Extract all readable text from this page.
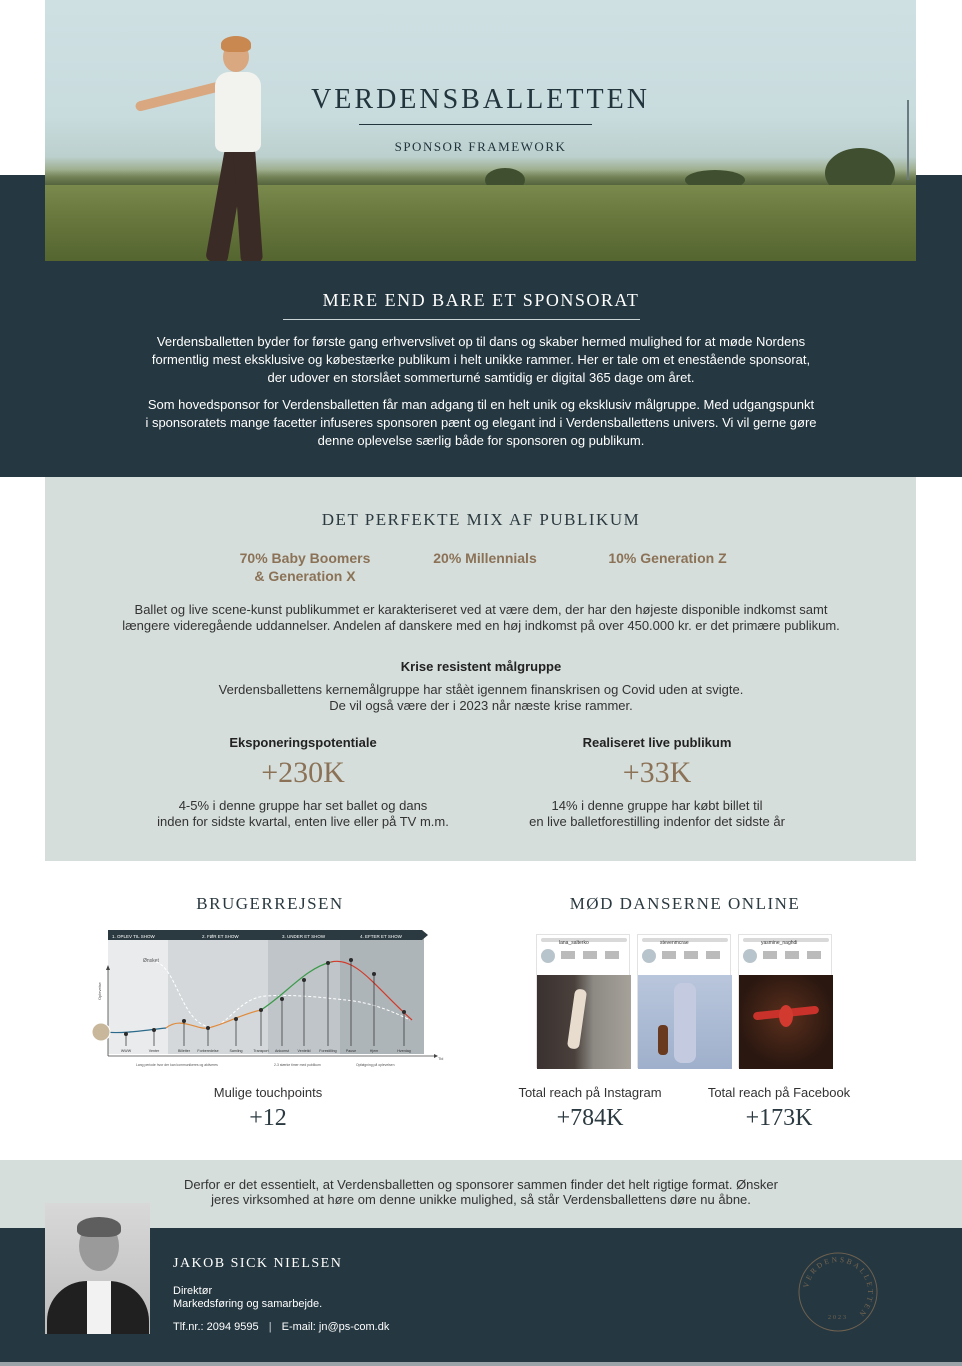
VERDENSBALLETTEN
SPONSOR FRAMEWORK
MERE END BARE ET SPONSORAT
Verdensballetten byder for første gang erhvervslivet op til dans og skaber hermed mulighed for at møde Nordens
formentlig mest eksklusive og købestærke publikum i helt unikke rammer. Her er tale om et enestående sponsorat,
der udover en storslået sommerturné samtidig er digital 365 dage om året.
Som hovedsponsor for Verdensballetten får man adgang til en helt unik og eksklusiv målgruppe. Med udgangspunkt
i sponsoratets mange facetter infuseres sponsoren pænt og elegant ind i Verdensballettens univers. Vi vil gerne gøre
denne oplevelse særlig både for sponsoren og publikum.
DET PERFEKTE MIX AF PUBLIKUM
70% Baby Boomers
& Generation X
20% Millennials	10% Generation Z
Ballet og live scene-kunst publikummet er karakteriseret ved at være dem, der har den højeste disponible indkomst samt
længere videregående uddannelser. Andelen af danskere med en høj indkomst på over 450.000 kr. er det primære publikum.
Krise resistent målgruppe
Verdensballettens kernemålgruppe har ståèt igennem finanskrisen og Covid uden at svigte.
De vil også være der i 2023 når næste krise rammer.
Eksponeringspotentiale
+230K
4-5% i denne gruppe har set ballet og dans
inden for sidste kvartal, enten live eller på TV m.m.
Realiseret live publikum
+33K
14% i denne gruppe har købt billet til
en live balletforestilling indenfor det sidste år
BRUGERREJSEN
1. OPLEV TIL SHOW	2. FØR ET SHOW	3. UNDER ET SHOW	4. EFTER ET SHOW
Oplevelse
Tid
Ønsket
WWW	Venter	Billetter Forberedelse	Samling	Transport Ankomst Ventetid Forestilling	Pause	Hjem	Hverdag
Lang periode hvor der kan kommunikeres og aktiveres	2-3 stærke timer med publikum	Opfølgning på oplevelsen
Mulige touchpoints
+12
MØD DANSERNE ONLINE
lana_salterko	stevenmcrae	yasmine_naghdi
Total reach på Instagram
+784K
Total reach på Facebook
+173K
Derfor er det essentielt, at Verdensballetten og sponsorer sammen finder det helt rigtige format. Ønsker
jeres virksomhed at høre om denne unikke mulighed, så står Verdensballettens døre nu åbne.
JAKOB SICK NIELSEN
Direktør
Markedsføring og samarbejde.
Tlf.nr.: 2094 9595 | E-mail: jn@ps-com.dk
VERDENSBALLETTEN
2023
